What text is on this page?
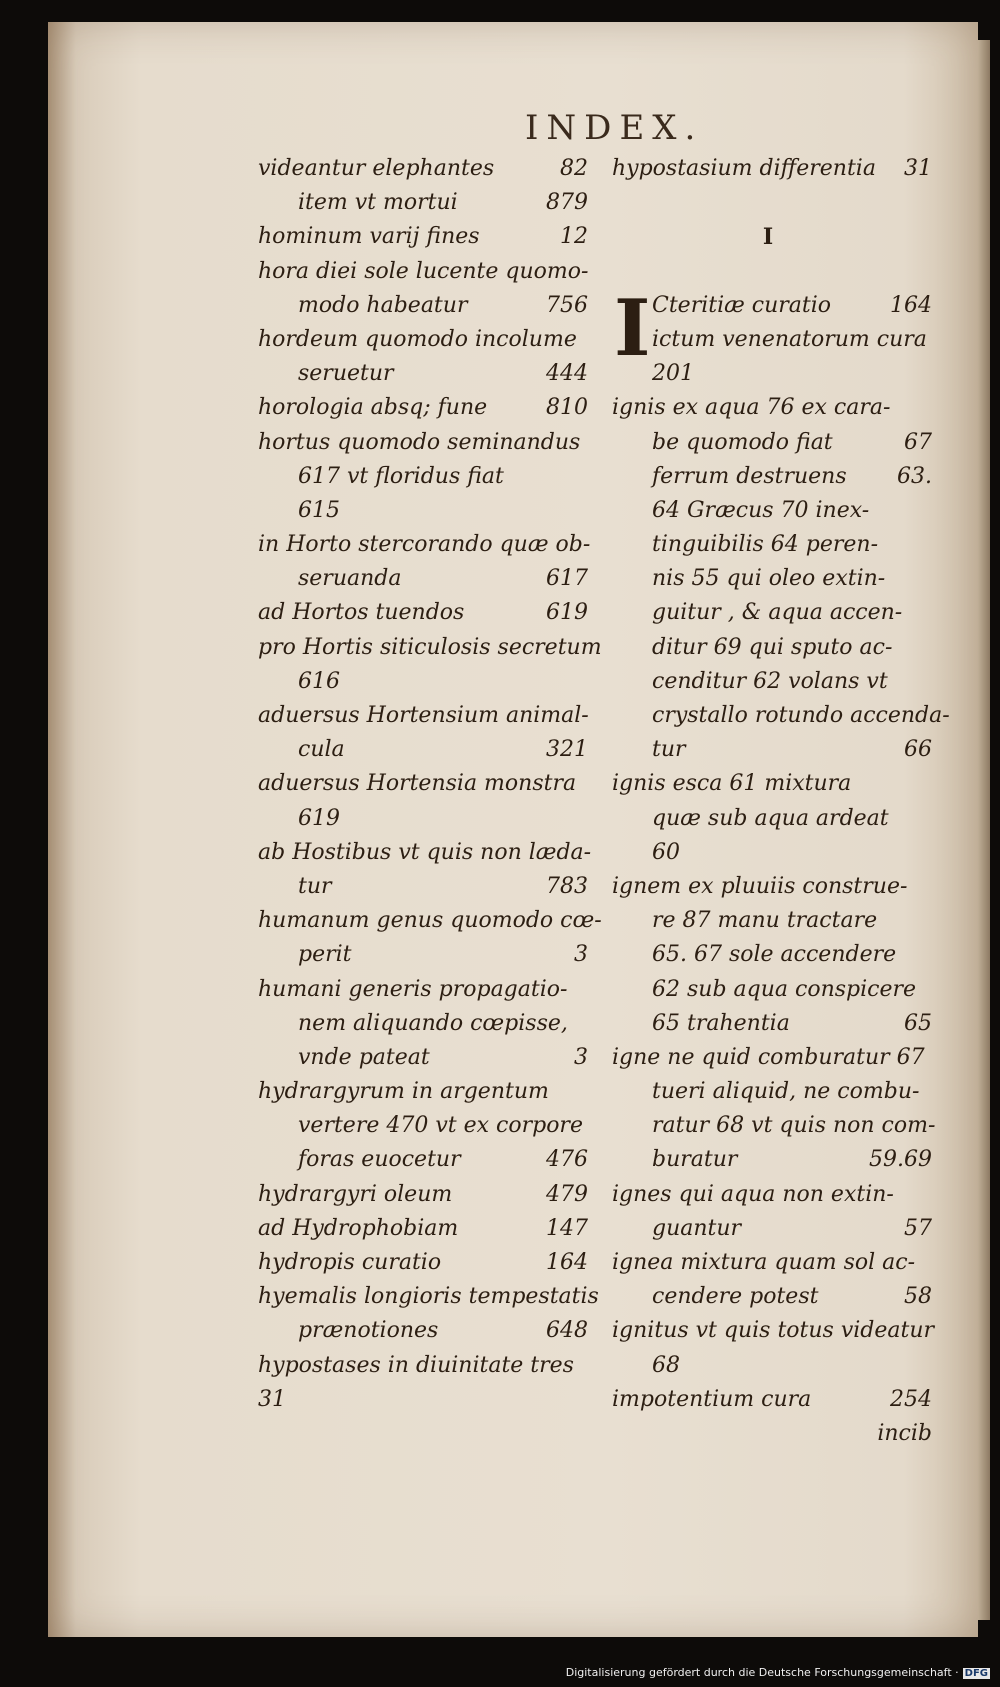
INDEX.
videantur elephantes	82
item vt mortui	879
hominum varij fines	12
hora diei sole lucente quomo-
modo habeatur	756
hordeum quomodo incolume
seruetur	444
horologia absq; fune	810
hortus quomodo seminandus
617 vt floridus fiat
615
in Horto stercorando quæ ob-
seruanda	617
ad Hortos tuendos	619
pro Hortis siticulosis secretum
616
aduersus Hortensium animal-
cula	321
aduersus Hortensia monstra
619
ab Hostibus vt quis non læda-
tur	783
humanum genus quomodo cœ-
perit	3
humani generis propagatio-
nem aliquando cœpisse,
vnde pateat	3
hydrargyrum in argentum
vertere 470 vt ex corpore
foras euocetur	476
hydrargyri oleum	479
ad Hydrophobiam	147
hydropis curatio	164
hyemalis longioris tempestatis
prænotiones	648
hypostases in diuinitate tres
31
hypostasium differentia 31
I
Cteritiæ curatio	164
ictum venenatorum cura
201
ignis ex aqua 76 ex cara-
be quomodo fiat	67
ferrum destruens 63.
64 Græcus 70 inex-
tinguibilis 64 peren-
nis 55 qui oleo extin-
guitur , & aqua accen-
ditur 69 qui sputo ac-
cenditur 62 volans vt
crystallo rotundo accenda-
tur	66
ignis esca 61 mixtura
quæ sub aqua ardeat
60
ignem ex pluuiis construe-
re 87 manu tractare
65. 67 sole accendere
62 sub aqua conspicere
65 trahentia	65
igne ne quid comburatur 67
tueri aliquid, ne combu-
ratur 68 vt quis non com-
buratur	59.69
ignes qui aqua non extin-
guantur	57
ignea mixtura quam sol ac-
cendere potest	58
ignitus vt quis totus videatur
68
impotentium cura	254
incib
I
Digitalisierung gefördert durch die Deutsche Forschungsgemeinschaft · DFG
